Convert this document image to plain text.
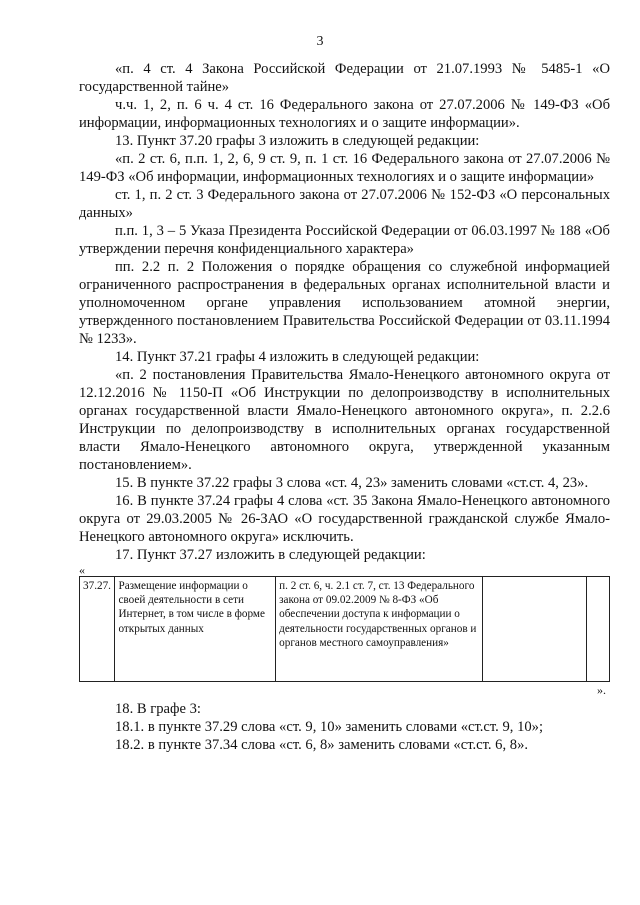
3

«п. 4 ст. 4 Закона Российской Федерации от 21.07.1993 № 5485-1 «О государственной тайне»

ч.ч. 1, 2, п. 6 ч. 4 ст. 16 Федерального закона от 27.07.2006 № 149-ФЗ «Об информации, информационных технологиях и о защите информации».

13. Пункт 37.20 графы 3 изложить в следующей редакции:

«п. 2 ст. 6, п.п. 1, 2, 6, 9 ст. 9, п. 1 ст. 16 Федерального закона от 27.07.2006 № 149-ФЗ «Об информации, информационных технологиях и о защите информации»

ст. 1, п. 2 ст. 3 Федерального закона от 27.07.2006 № 152-ФЗ «О персональных данных»

п.п. 1, 3 – 5 Указа Президента Российской Федерации от 06.03.1997 № 188 «Об утверждении перечня конфиденциального характера»

пп. 2.2 п. 2 Положения о порядке обращения со служебной информацией ограниченного распространения в федеральных органах исполнительной власти и уполномоченном органе управления использованием атомной энергии, утвержденного постановлением Правительства Российской Федерации от 03.11.1994 № 1233».

14. Пункт 37.21 графы 4 изложить в следующей редакции:

«п. 2 постановления Правительства Ямало-Ненецкого автономного округа от 12.12.2016 № 1150-П «Об Инструкции по делопроизводству в исполнительных органах государственной власти Ямало-Ненецкого автономного округа», п. 2.2.6 Инструкции по делопроизводству в исполнительных органах государственной власти Ямало-Ненецкого автономного округа, утвержденной указанным постановлением».

15. В пункте 37.22 графы 3 слова «ст. 4, 23» заменить словами «ст.ст. 4, 23».

16. В пункте 37.24 графы 4 слова «ст. 35 Закона Ямало-Ненецкого автономного округа от 29.03.2005 № 26-ЗАО «О государственной гражданской службе Ямало-Ненецкого автономного округа» исключить.

17. Пункт 37.27 изложить в следующей редакции:

«
37.27.	Размещение информации о своей деятельности в сети Интернет, в том числе в форме открытых данных	п. 2 ст. 6, ч. 2.1 ст. 7, ст. 13 Федерального закона от 09.02.2009 № 8-ФЗ «Об обеспечении доступа к информации о деятельности государственных органов и органов местного самоуправления»		
».

18. В графе 3:

18.1. в пункте 37.29 слова «ст. 9, 10» заменить словами «ст.ст. 9, 10»;

18.2. в пункте 37.34 слова «ст. 6, 8» заменить словами «ст.ст. 6, 8».
